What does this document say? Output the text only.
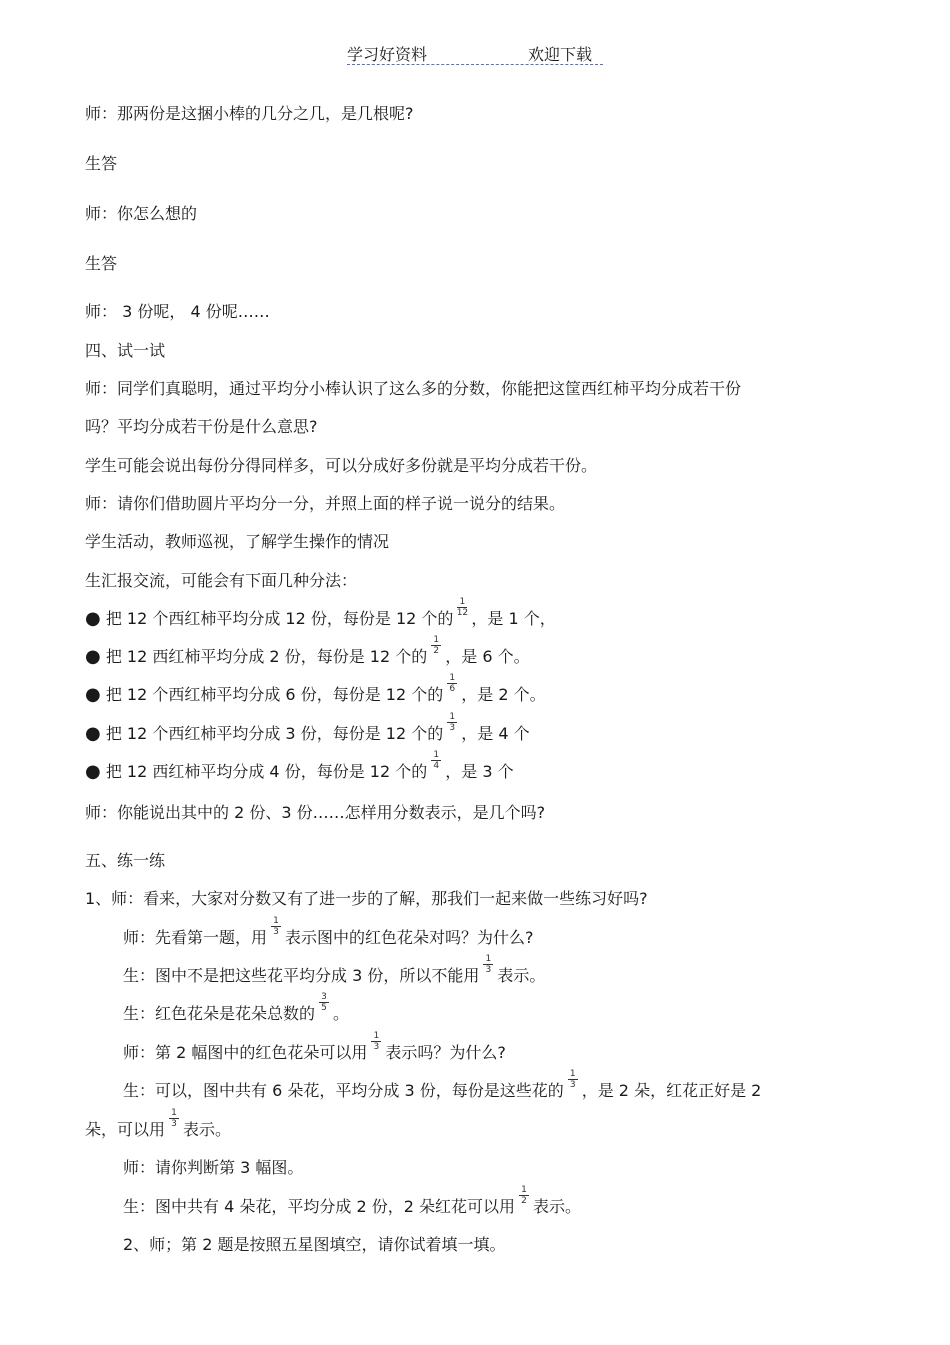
学习好资料	欢迎下载
师：那两份是这捆小棒的几分之几，是几根呢?
生答
师：你怎么想的
生答
师： 3 份呢， 4 份呢……
四、试一试
师：同学们真聪明，通过平均分小棒认识了这么多的分数，你能把这筐西红柿平均分成若干份
吗？平均分成若干份是什么意思?
学生可能会说出每份分得同样多，可以分成好多份就是平均分成若干份。
师：请你们借助圆片平均分一分，并照上面的样子说一说分的结果。
学生活动，教师巡视，了解学生操作的情况
生汇报交流，可能会有下面几种分法：
● 把 12 个西红柿平均分成 12 份，每份是 12 个的 $\frac{1}{12}$ ，是 1 个，
● 把 12 西红柿平均分成 2 份，每份是 12 个的 $\frac{1}{2}$ ，是 6 个。
● 把 12 个西红柿平均分成 6 份，每份是 12 个的 $\frac{1}{6}$ ，是 2 个。
● 把 12 个西红柿平均分成 3 份，每份是 12 个的 $\frac{1}{3}$ ，是 4 个
● 把 12 西红柿平均分成 4 份，每份是 12 个的 $\frac{1}{4}$ ，是 3 个
师：你能说出其中的 2 份、3 份……怎样用分数表示，是几个吗?
五、练一练
1、师：看来，大家对分数又有了进一步的了解，那我们一起来做一些练习好吗?
师：先看第一题，用 $\frac{1}{3}$ 表示图中的红色花朵对吗？为什么?
生：图中不是把这些花平均分成 3 份，所以不能用 $\frac{1}{3}$ 表示。
生：红色花朵是花朵总数的 $\frac{3}{5}$ 。
师：第 2 幅图中的红色花朵可以用 $\frac{1}{3}$ 表示吗？为什么?
生：可以，图中共有 6 朵花，平均分成 3 份，每份是这些花的 $\frac{1}{3}$ ，是 2 朵，红花正好是 2
朵，可以用 $\frac{1}{3}$ 表示。
师：请你判断第 3 幅图。
生：图中共有 4 朵花，平均分成 2 份，2 朵红花可以用 $\frac{1}{2}$ 表示。
2、师；第 2 题是按照五星图填空，请你试着填一填。
